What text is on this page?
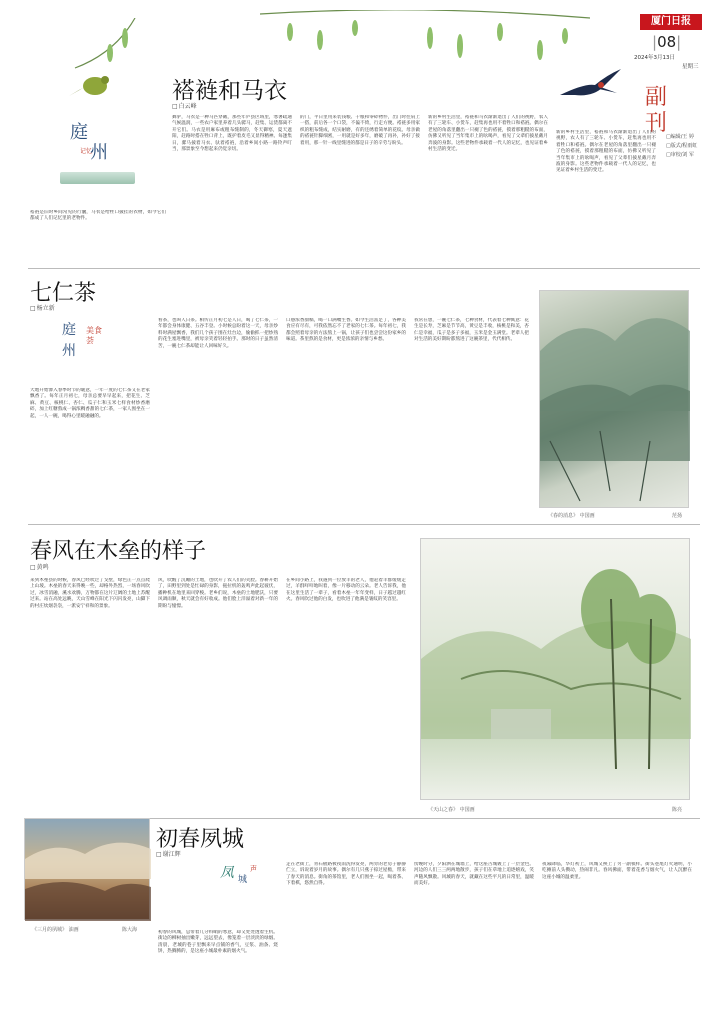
厦门日报
|08|
2024年3月13日
星期三
副刊
□编辑/王 婷
□版式/程雨虹
□审校/刘 军
庭
州
记忆
褡裢和马衣
□ 白云峰
褡裢是旧时乡间常见的行囊，马衣是给牲口披挂的衣物，如今它们都成了人们记忆里的老物件。
舞驴，马衣是一种马匹穿戴，那些年庐县区域里，寒署疏通气候温润，一些农户家里养着几头骡马，赶集、运货都离不开它们。马衣是用麻布或粗布缝制的，冬天御寒，夏天遮阳，赶路时搭在牲口背上，既护着皮毛又显得精神。每逢集日，骡马披着马衣、驮着褡裢，沿着乡间小路一路铃声叮当，那景象至今想起来仍觉亲切。
的门，平日里用来装钱粮、干粮和零碎物件，出门时往肩上一搭，前后各一个口袋，不偏不倚，行走方便。褡裢多用家织的粗布缝成，结实耐磨，有的还绣着简单的花纹。母亲做的褡裢针脚细密，一用就是好多年，磨破了再补，补好了接着用，那一针一线里缝进的都是日子的辛劳与盼头。
新的乡村生活里，褡裢和马衣渐渐退出了人们的视野，农人有了三轮车、小货车，赶集再也用不着牲口和褡裢。偶尔在老屋的角落里翻出一只褪了色的褡裢，摸着那粗糙的布面，仿佛又听见了当年集市上的吆喝声，看见了父辈们披星戴月奔波的身影。这些老物件承载着一代人的记忆，也见证着乡村生活的变迁。
新的乡村生活里，褡裢和马衣渐渐退出了人们的视野，农人有了三轮车、小货车，赶集再也用不着牲口和褡裢。偶尔在老屋的角落里翻出一只褪了色的褡裢，摸着那粗糙的布面，仿佛又听见了当年集市上的吆喝声，看见了父辈们披星戴月奔波的身影。这些老物件承载着一代人的记忆，也见证着乡村生活的变迁。
七仁茶
□ 杨立新
庭
州
美食荟
大地开始渗入春季时节的暖意，一年一度的七仁茶又在老家飘香了。每年正月初七，母亲总要早早起来，把花生、芝麻、黄豆、核桃仁、杏仁、瓜子仁和玉米七样食材炒香磨碎，加上红糖熬成一锅浓稠香甜的七仁茶，一家人围坐在一起，一人一碗，喝得心里暖融融的。
看茶，也叫人日茶。相传正月初七是人日，喝了七仁茶，一年都会身体康健、五谷丰登。小时候总盼着这一天，母亲炒料时满屋飘香，我们几个孩子围在灶台边，偷偷抓一把炒熟的花生塞进嘴里，被母亲笑着轻轻拍手。那时的日子虽然清苦，一碗七仁茶却能让人回味好久。
口感浓香甜糯，喝一口满嘴生香。如今生活富足了，各种美食应有尽有，可我依然忘不了老家的七仁茶。每年初七，我都会照着母亲的方法熬上一锅，让孩子们也尝尝这份家乡的味道。茶里熬的是食材，更是浓浓的亲情与乡愁。
我常在想，一碗七仁茶，七种食材，代表着七种寓意：花生是长寿，芝麻是节节高，黄豆是丰收，核桃是和美，杏仁是幸福，瓜子是多子多福，玉米是金玉满堂。老辈人把对生活的美好期盼都熬进了这碗茶里，代代相传。
《春的消息》 中国画	范扬
春风在木垒的样子
□ 黄鸣
来到木垒县的时候，春风已经吹过了戈壁，绿色正一点点爬上山坡。木垒的春天来得晚一些，却格外热烈，一场春风吹过，冰雪消融，溪水欢腾，万物都在这片辽阔的土地上苏醒过来。站在高处远眺，天山雪峰在阳光下闪闪发亮，山脚下的村庄炊烟袅袅，一派安宁祥和的景象。
风，吹醒了沉睡的土地，也吹开了农人们的笑脸。春耕开始了，田野里到处是忙碌的身影，拖拉机的轰鸣声此起彼伏，播种机在地里来回穿梭。老乡们说，木垒的土地肥沃，只要风调雨顺，秋天就会有好收成。他们脸上洋溢着对新一年的期盼与憧憬。
在乡间小路上，我遇到一位放羊的老人，他赶着羊群缓缓走过，羊群咩咩地叫着，像一片移动的云朵。老人告诉我，他在这里生活了一辈子，看着木垒一年年变样，日子越过越红火。春风吹过他的白发，也吹进了他满是皱纹的笑容里。
《天山之春》 中国画	陈亮
《三月的夙城》 油画	陈大海
初春夙城
□ 谢江辉
凤 城
声
初春的风城，总带着几分料峭的寒意，却又处处透着生机。街边的柳树抽出嫩芽，远远望去，像笼着一层淡淡的绿烟。清晨，老城的巷子里飘来早点铺的香气，豆浆、油条、烧饼，热腾腾的，是这座小城最朴素的烟火气。
走在老街上，青石板路被夜雨洗得发亮，两旁的老房子静静伫立，诉说着岁月的故事。偶尔有几只燕子掠过屋檐，带来了春天的消息。街角的茶馆里，老人们围坐一起，喝着茶、下着棋，悠然自得。
傍晚时分，夕阳洒在城墙上，给这座古城镀上了一层金色。河边的人们三三两两地散步，孩子们在草地上追逐嬉戏，笑声随风飘散。风城的春天，就藏在这些平凡的日常里，温暖而美好。
夜幕降临，华灯初上，风城又换上了另一副模样。街头巷尾灯火通明，小吃摊前人头攒动，热闹非凡。春风拂面，带着花香与烟火气，让人沉醉在这座小城的温柔里。
